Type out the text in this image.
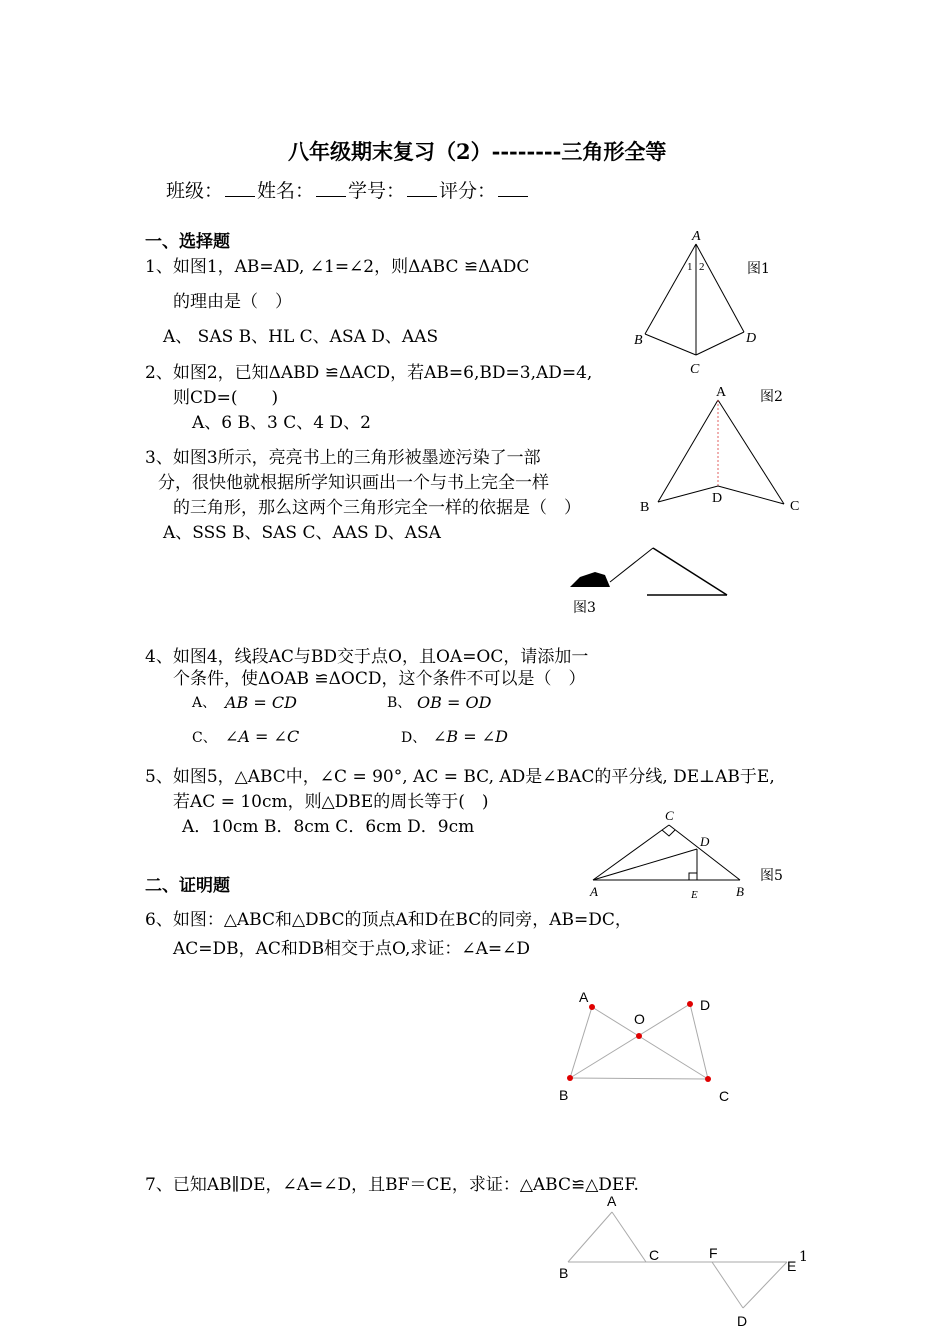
八年级期末复习（2）--------三角形全等
班级： 姓名： 学号： 评分：
一、选择题
1、如图1，AB=AD, ∠1=∠2，则ΔABC ≌ΔADC
的理由是（　）
A、 SAS B、HL C、ASA D、AAS
图1
2、如图2，已知ΔABD ≌ΔACD，若AB=6,BD=3,AD=4,
则CD=(　　)
A、6 B、3 C、4 D、2
图2
3、如图3所示，亮亮书上的三角形被墨迹污染了一部
分，很快他就根据所学知识画出一个与书上完全一样
的三角形，那么这两个三角形完全一样的依据是（　）
A、SSS B、SAS C、AAS D、ASA
图3
4、如图4，线段AC与BD交于点O，且OA=OC，请添加一
个条件，使ΔOAB ≌ΔOCD，这个条件不可以是（　）
A、 AB = CD	B、 OB = OD
C、 ∠A = ∠C	D、 ∠B = ∠D
5、如图5，△ABC中，∠C = 90°, AC = BC, AD是∠BAC的平分线, DE⊥AB于E,
若AC = 10cm，则△DBE的周长等于(　)
A．10cm B．8cm C．6cm D．9cm
图5
二、证明题
6、如图：△ABC和△DBC的顶点A和D在BC的同旁，AB=DC，
AC=DB，AC和DB相交于点O,求证：∠A=∠D
7、已知AB∥DE，∠A=∠D，且BF＝CE，求证：△ABC≌△DEF.
1
A
B
C
D
1 2
A
B	C
D
C
D
A	E	B
A	D
O
B	C
A
B
C	F
E
D
